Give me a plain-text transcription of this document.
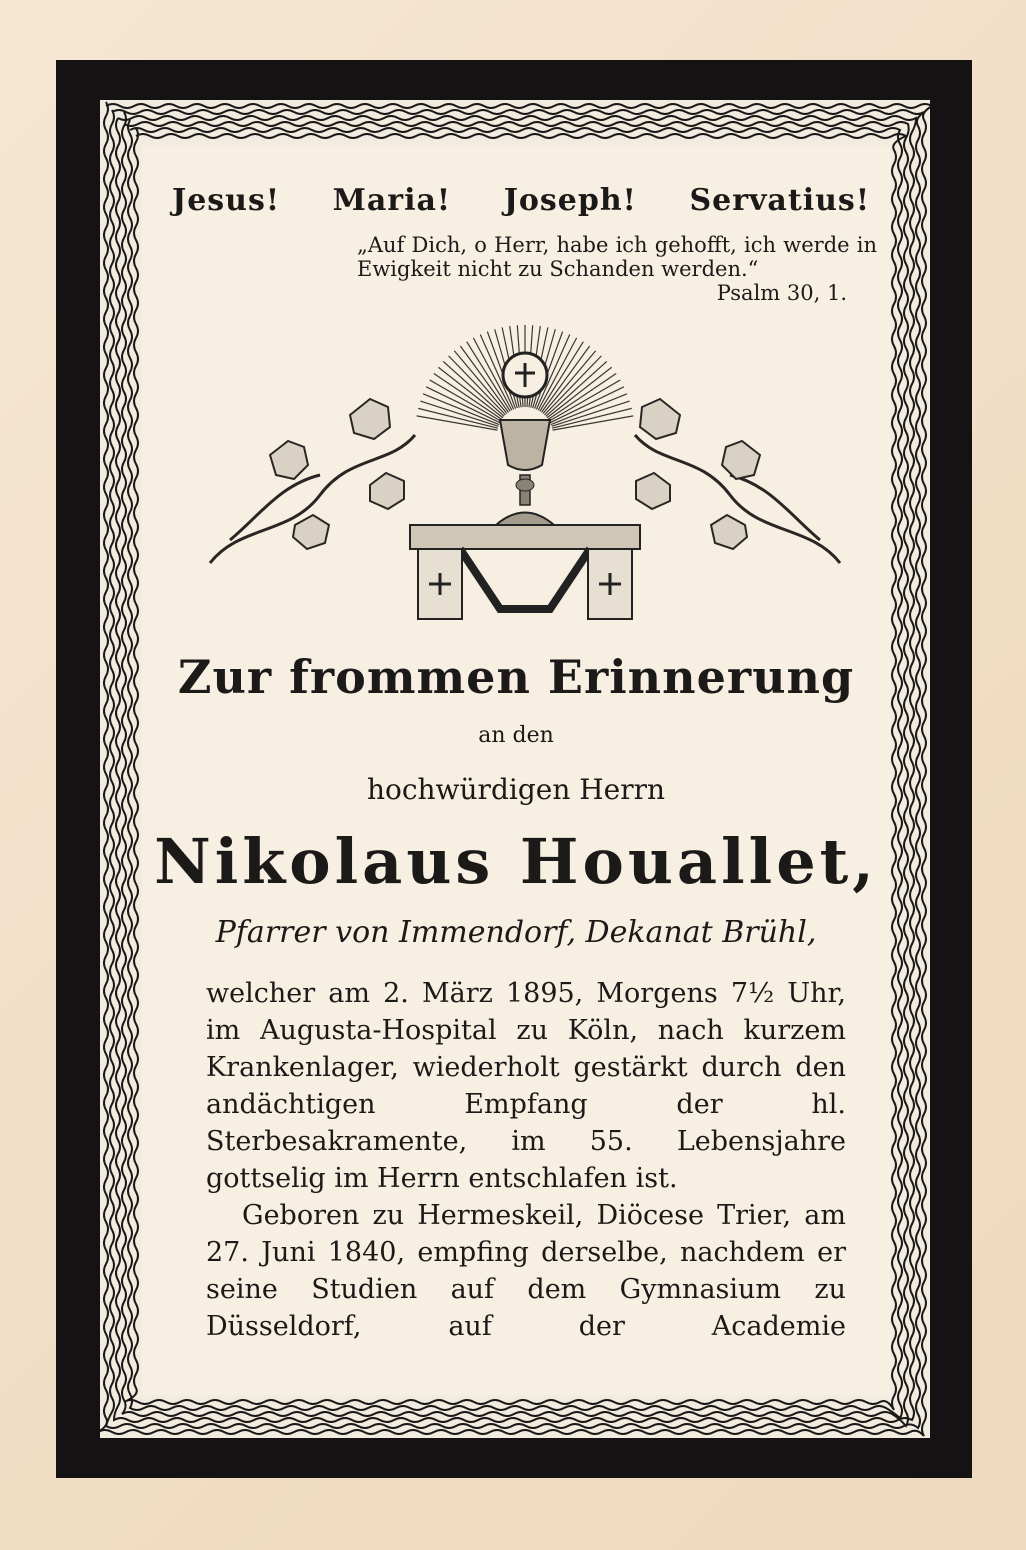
Jesus! Maria! Joseph! Servatius!
„Auf Dich, o Herr, habe ich gehofft, ich werde in Ewigkeit nicht zu Schanden werden.“
Psalm 30, 1.
Zur frommen Erinnerung
an den
hochwürdigen Herrn
Nikolaus Houallet,
Pfarrer von Immendorf, Dekanat Brühl,

welcher am 2. März 1895, Morgens 7½ Uhr, im Augusta-Hospital zu Köln, nach kurzem Krankenlager, wiederholt gestärkt durch den andächtigen Empfang der hl. Sterbesakramente, im 55. Lebensjahre gottselig im Herrn entschlafen ist.

Geboren zu Hermeskeil, Diöcese Trier, am 27. Juni 1840, empfing derselbe, nachdem er seine Studien auf dem Gymnasium zu Düsseldorf, auf der Academie
